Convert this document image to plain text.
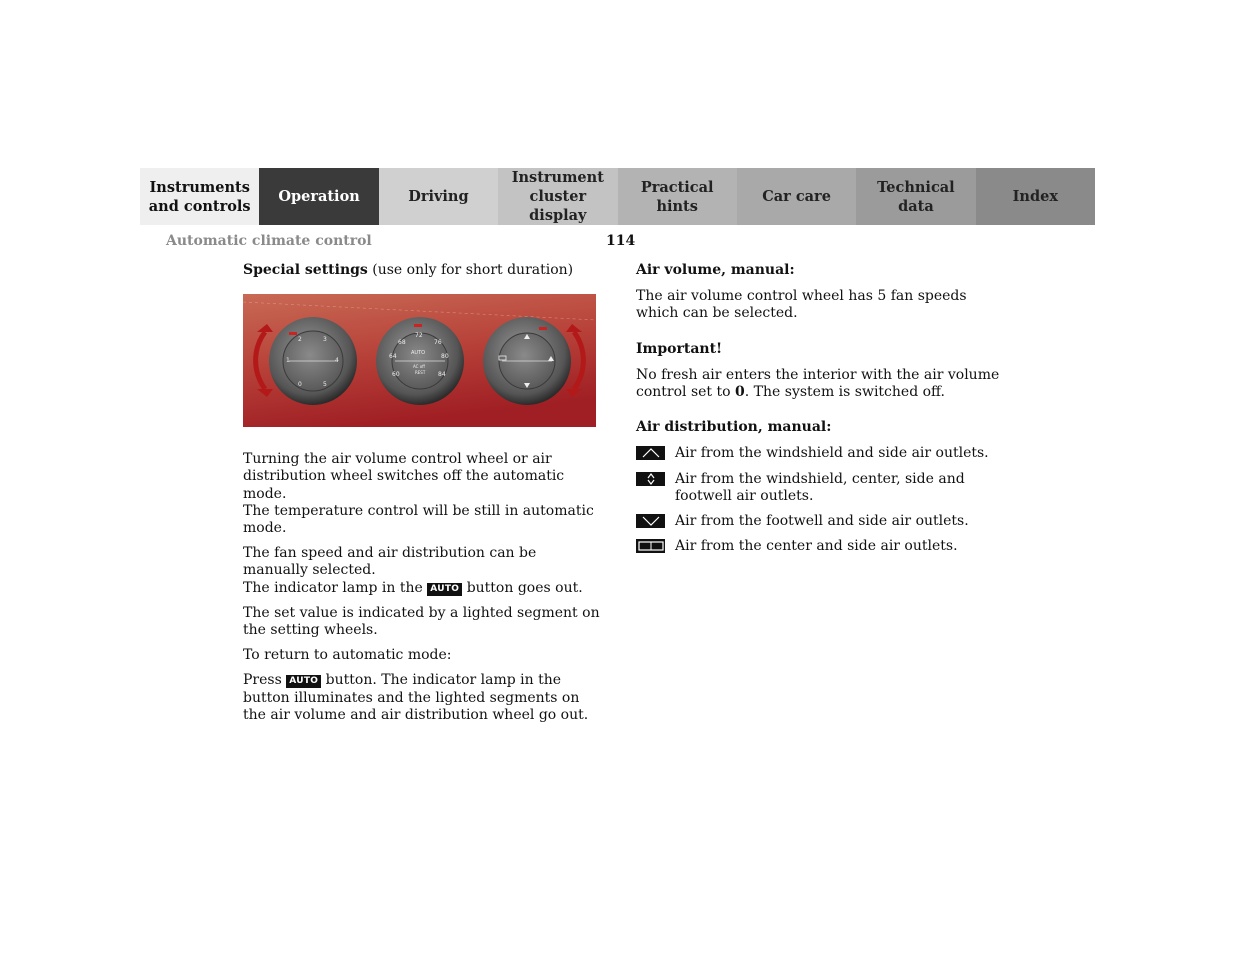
Instruments and controls
Operation	Driving
Instrument cluster display
Practical hints
Car care
Technical data
Index
Automatic climate control	114

Special settings (use only for short duration)

Turning the air volume control wheel or air distribution wheel switches off the automatic mode.
The temperature control will be still in automatic mode.

The fan speed and air distribution can be manually selected.
The indicator lamp in the AUTO button goes out.

The set value is indicated by a lighted segment on the setting wheels.

To return to automatic mode:

Press AUTO button. The indicator lamp in the button illuminates and the lighted segments on the air volume and air distribution wheel go out.

2	3
4
5
0
1
72
68	76
64	80
60	84
AUTO
AC off
REST

Air volume, manual:

The air volume control wheel has 5 fan speeds which can be selected.

Important!

No fresh air enters the interior with the air volume control set to 0. The system is switched off.

Air distribution, manual:

Air from the windshield and side air outlets.
Air from the windshield, center, side and footwell air outlets.
Air from the footwell and side air outlets.
Air from the center and side air outlets.
